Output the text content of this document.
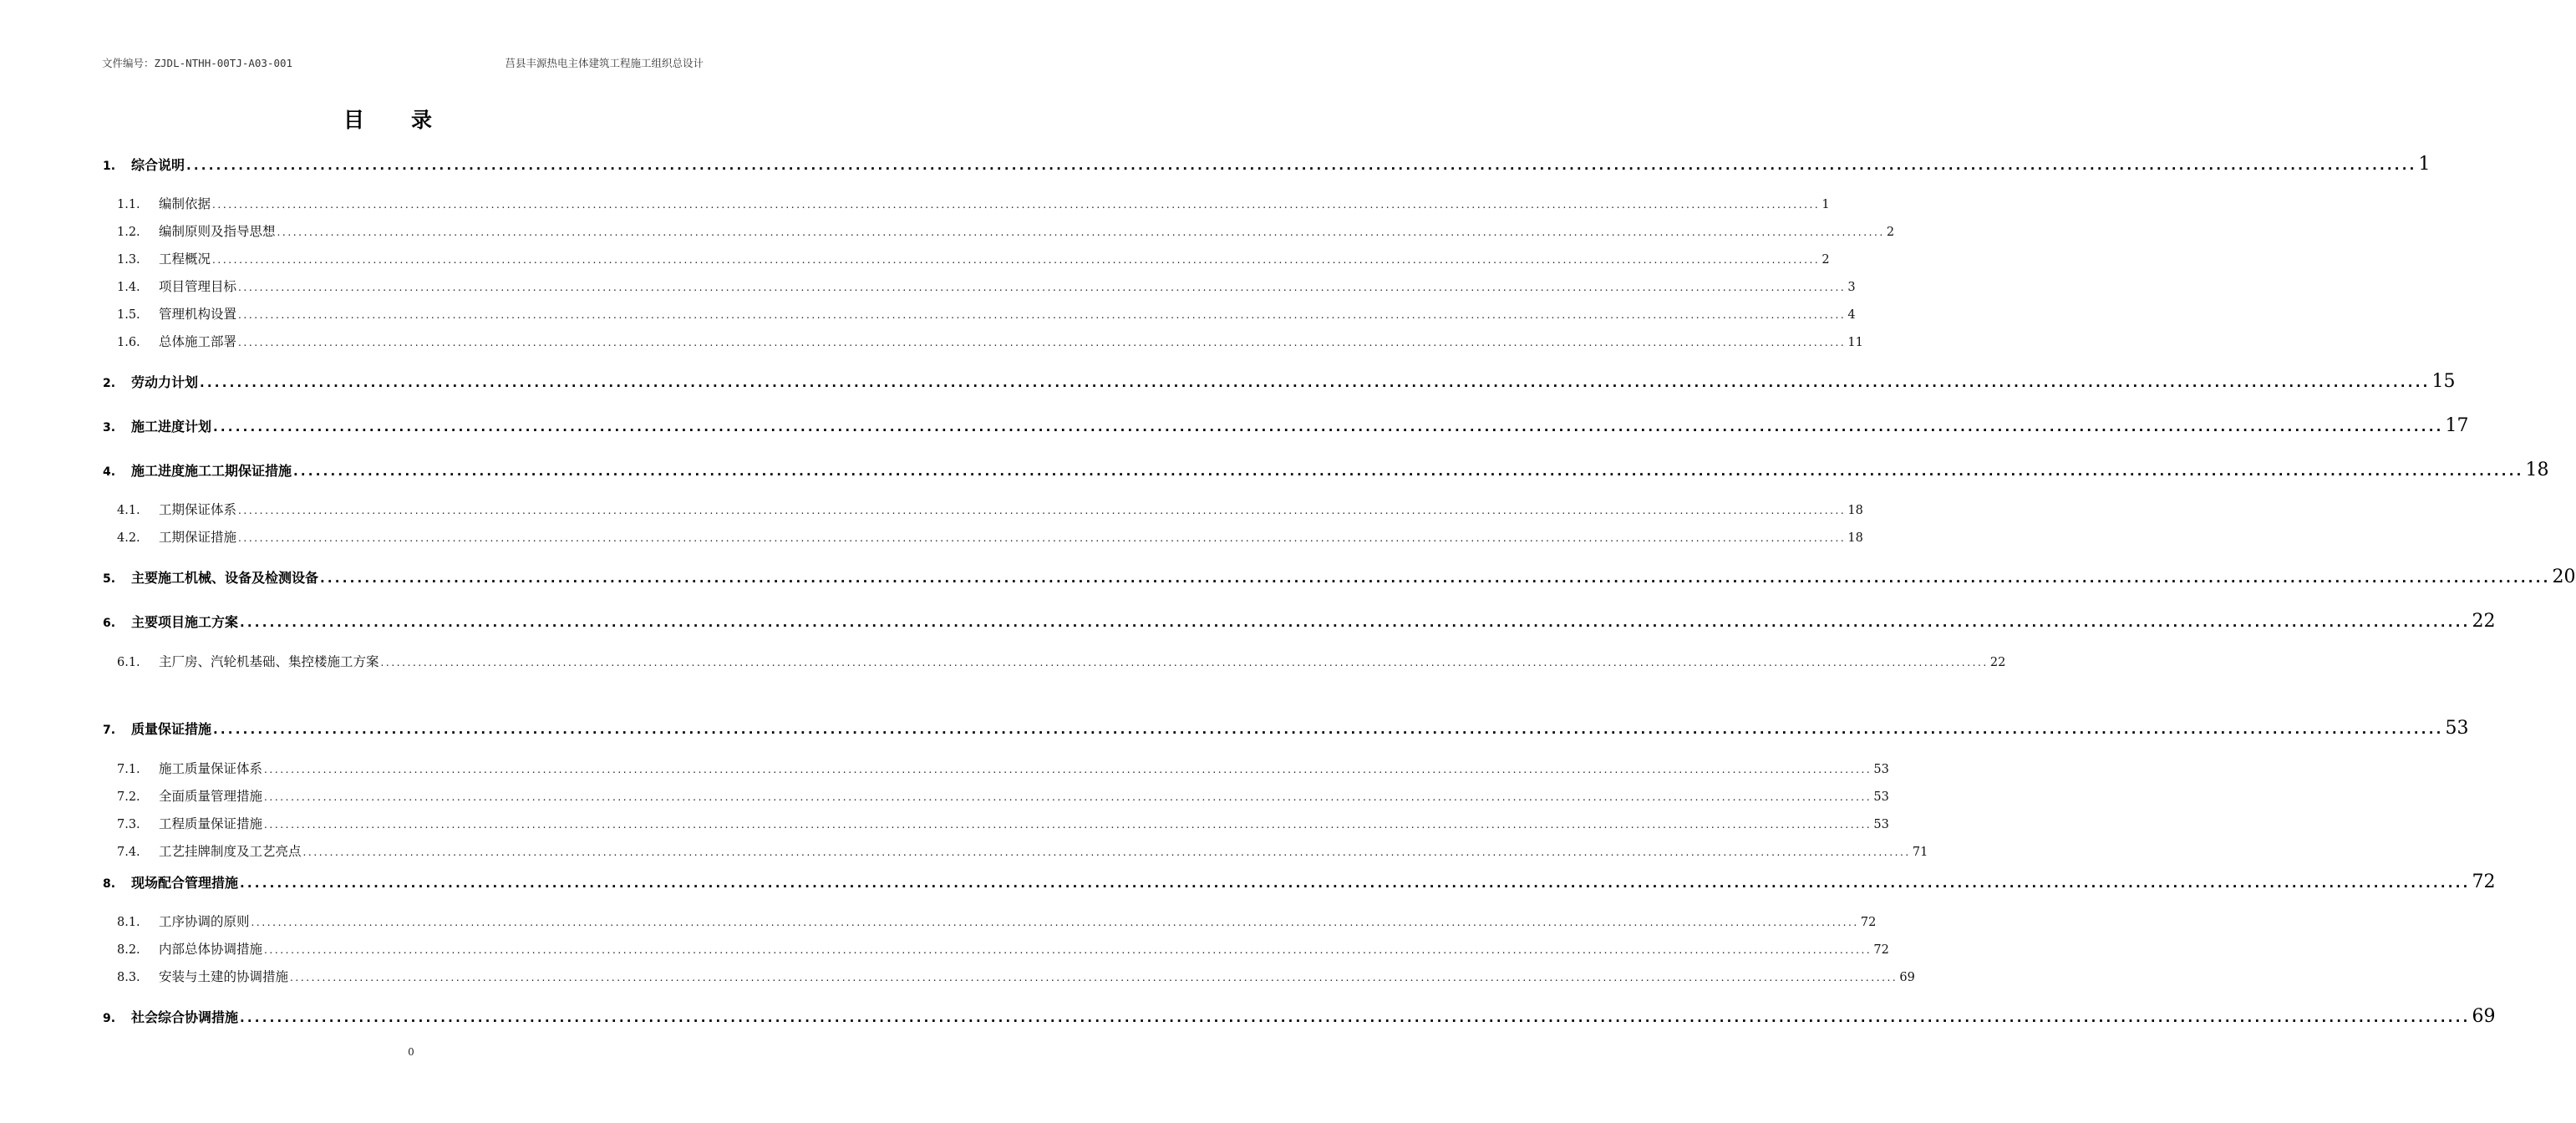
文件编号：ZJDL-NTHH-00TJ-A03-001	莒县丰源热电主体建筑工程施工组织总设计
目录
1. 综合说明 ............................................................................................................................................................................................................................................................................................................ 1
1.1. 编制依据 ............................................................................................................................................................................................................................................................................................................ 1
1.2. 编制原则及指导思想 ............................................................................................................................................................................................................................................................................................................ 2
1.3. 工程概况 ............................................................................................................................................................................................................................................................................................................ 2
1.4. 项目管理目标 ............................................................................................................................................................................................................................................................................................................ 3
1.5. 管理机构设置 ............................................................................................................................................................................................................................................................................................................ 4
1.6. 总体施工部署 ............................................................................................................................................................................................................................................................................................................ 11
2. 劳动力计划 ............................................................................................................................................................................................................................................................................................................ 15
3. 施工进度计划 ............................................................................................................................................................................................................................................................................................................ 17
4. 施工进度施工工期保证措施 ............................................................................................................................................................................................................................................................................................................ 18
4.1. 工期保证体系 ............................................................................................................................................................................................................................................................................................................ 18
4.2. 工期保证措施 ............................................................................................................................................................................................................................................................................................................ 18
5. 主要施工机械、设备及检测设备 ............................................................................................................................................................................................................................................................................................................ 20
6. 主要项目施工方案 ............................................................................................................................................................................................................................................................................................................ 22
6.1. 主厂房、汽轮机基础、集控楼施工方案 ............................................................................................................................................................................................................................................................................................................ 22
7. 质量保证措施 ............................................................................................................................................................................................................................................................................................................ 53
7.1. 施工质量保证体系 ............................................................................................................................................................................................................................................................................................................ 53
7.2. 全面质量管理措施 ............................................................................................................................................................................................................................................................................................................ 53
7.3. 工程质量保证措施 ............................................................................................................................................................................................................................................................................................................ 53
7.4. 工艺挂牌制度及工艺亮点 ............................................................................................................................................................................................................................................................................................................ 71
8. 现场配合管理措施 ............................................................................................................................................................................................................................................................................................................ 72
8.1. 工序协调的原则 ............................................................................................................................................................................................................................................................................................................ 72
8.2. 内部总体协调措施 ............................................................................................................................................................................................................................................................................................................ 72
8.3. 安装与土建的协调措施 ............................................................................................................................................................................................................................................................................................................ 69
9. 社会综合协调措施 ............................................................................................................................................................................................................................................................................................................ 69
0
